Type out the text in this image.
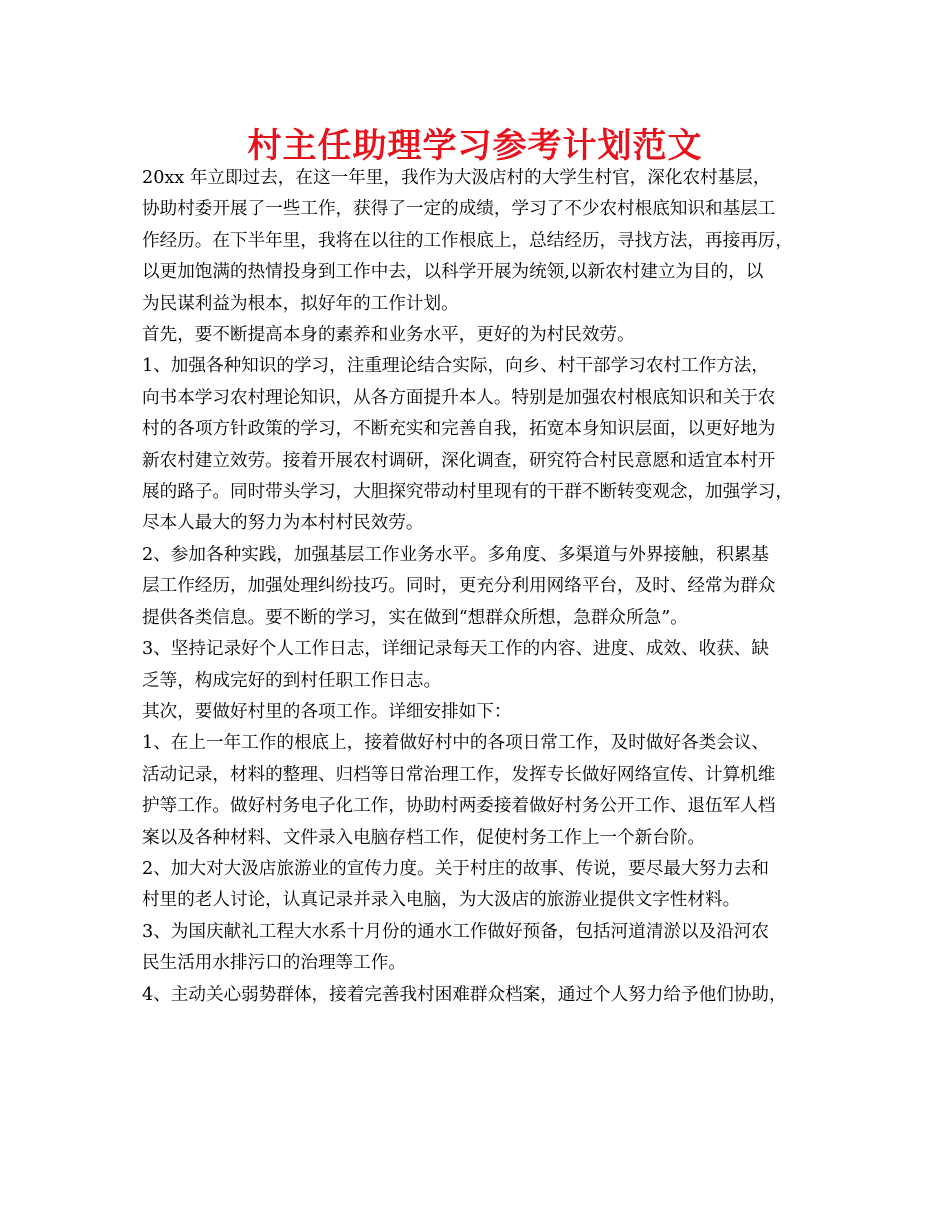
村主任助理学习参考计划范文

20xx 年立即过去，在这一年里，我作为大汲店村的大学生村官，深化农村基层，
协助村委开展了一些工作，获得了一定的成绩，学习了不少农村根底知识和基层工
作经历。在下半年里，我将在以往的工作根底上，总结经历，寻找方法，再接再厉，
以更加饱满的热情投身到工作中去，以科学开展为统领,以新农村建立为目的，以
为民谋利益为根本，拟好年的工作计划。

首先，要不断提高本身的素养和业务水平，更好的为村民效劳。

1、加强各种知识的学习，注重理论结合实际，向乡、村干部学习农村工作方法，
向书本学习农村理论知识，从各方面提升本人。特别是加强农村根底知识和关于农
村的各项方针政策的学习，不断充实和完善自我，拓宽本身知识层面，以更好地为
新农村建立效劳。接着开展农村调研，深化调查，研究符合村民意愿和适宜本村开
展的路子。同时带头学习，大胆探究带动村里现有的干群不断转变观念，加强学习，
尽本人最大的努力为本村村民效劳。

2、参加各种实践，加强基层工作业务水平。多角度、多渠道与外界接触，积累基
层工作经历，加强处理纠纷技巧。同时，更充分利用网络平台，及时、经常为群众
提供各类信息。要不断的学习，实在做到“想群众所想，急群众所急”。

3、坚持记录好个人工作日志，详细记录每天工作的内容、进度、成效、收获、缺
乏等，构成完好的到村任职工作日志。

其次，要做好村里的各项工作。详细安排如下：

1、在上一年工作的根底上，接着做好村中的各项日常工作，及时做好各类会议、
活动记录，材料的整理、归档等日常治理工作，发挥专长做好网络宣传、计算机维
护等工作。做好村务电子化工作，协助村两委接着做好村务公开工作、退伍军人档
案以及各种材料、文件录入电脑存档工作，促使村务工作上一个新台阶。

2、加大对大汲店旅游业的宣传力度。关于村庄的故事、传说，要尽最大努力去和
村里的老人讨论，认真记录并录入电脑，为大汲店的旅游业提供文字性材料。

3、为国庆献礼工程大水系十月份的通水工作做好预备，包括河道清淤以及沿河农
民生活用水排污口的治理等工作。

4、主动关心弱势群体，接着完善我村困难群众档案，通过个人努力给予他们协助，
